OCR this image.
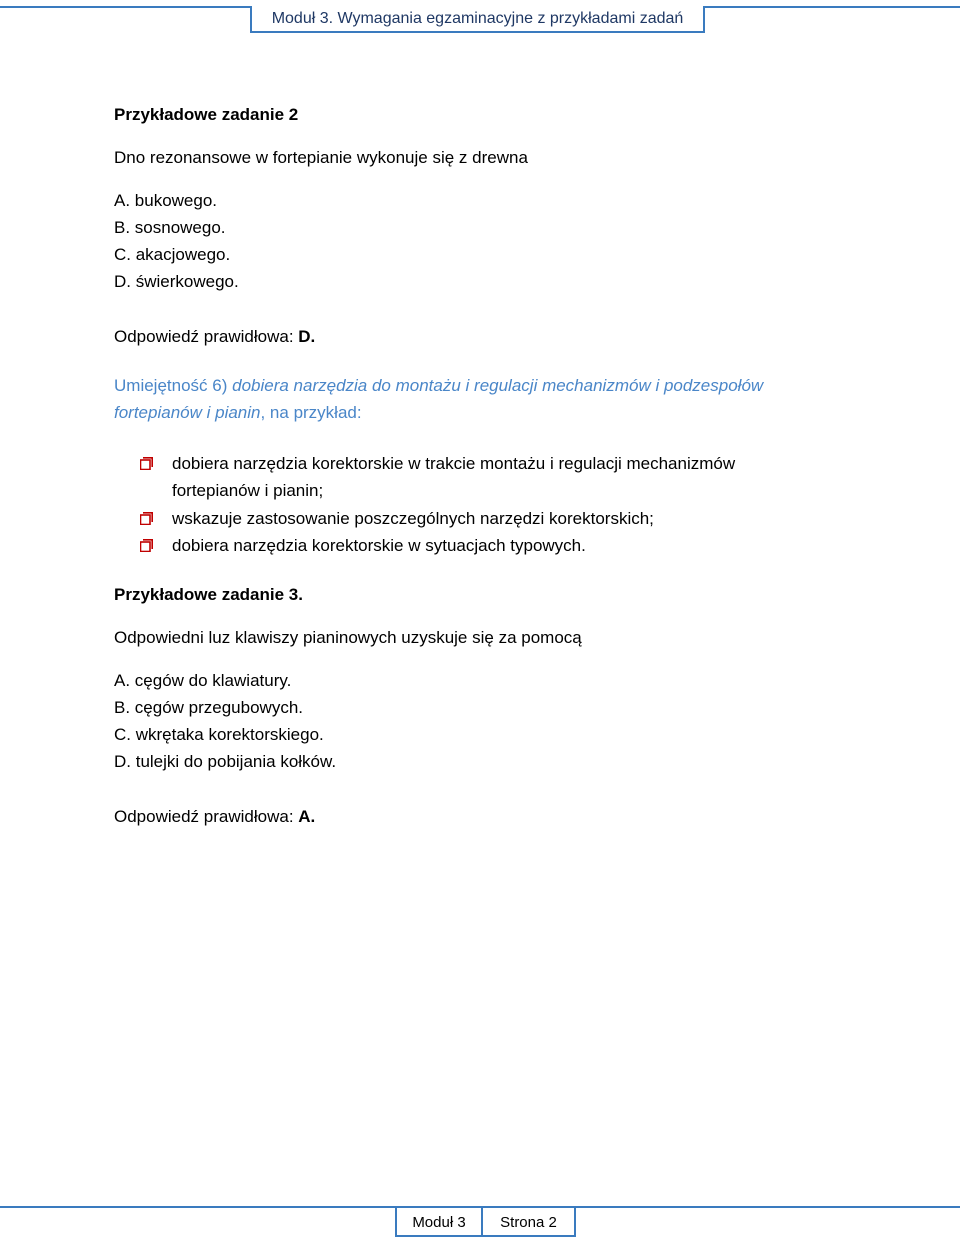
Moduł 3. Wymagania egzaminacyjne z przykładami zadań
Przykładowe zadanie 2
Dno rezonansowe w fortepianie wykonuje się z drewna
A. bukowego.
B. sosnowego.
C. akacjowego.
D. świerkowego.
Odpowiedź prawidłowa: D.
Umiejętność 6) dobiera narzędzia do montażu i regulacji mechanizmów i podzespołów
fortepianów i pianin, na przykład:
dobiera narzędzia korektorskie w trakcie montażu i regulacji mechanizmów fortepianów i pianin;
wskazuje zastosowanie poszczególnych narzędzi korektorskich;
dobiera narzędzia korektorskie w sytuacjach typowych.
Przykładowe zadanie 3.
Odpowiedni luz klawiszy pianinowych uzyskuje się za pomocą
A. cęgów do klawiatury.
B. cęgów przegubowych.
C. wkrętaka korektorskiego.
D. tulejki do pobijania kołków.
Odpowiedź prawidłowa: A.
Moduł 3	Strona 2
